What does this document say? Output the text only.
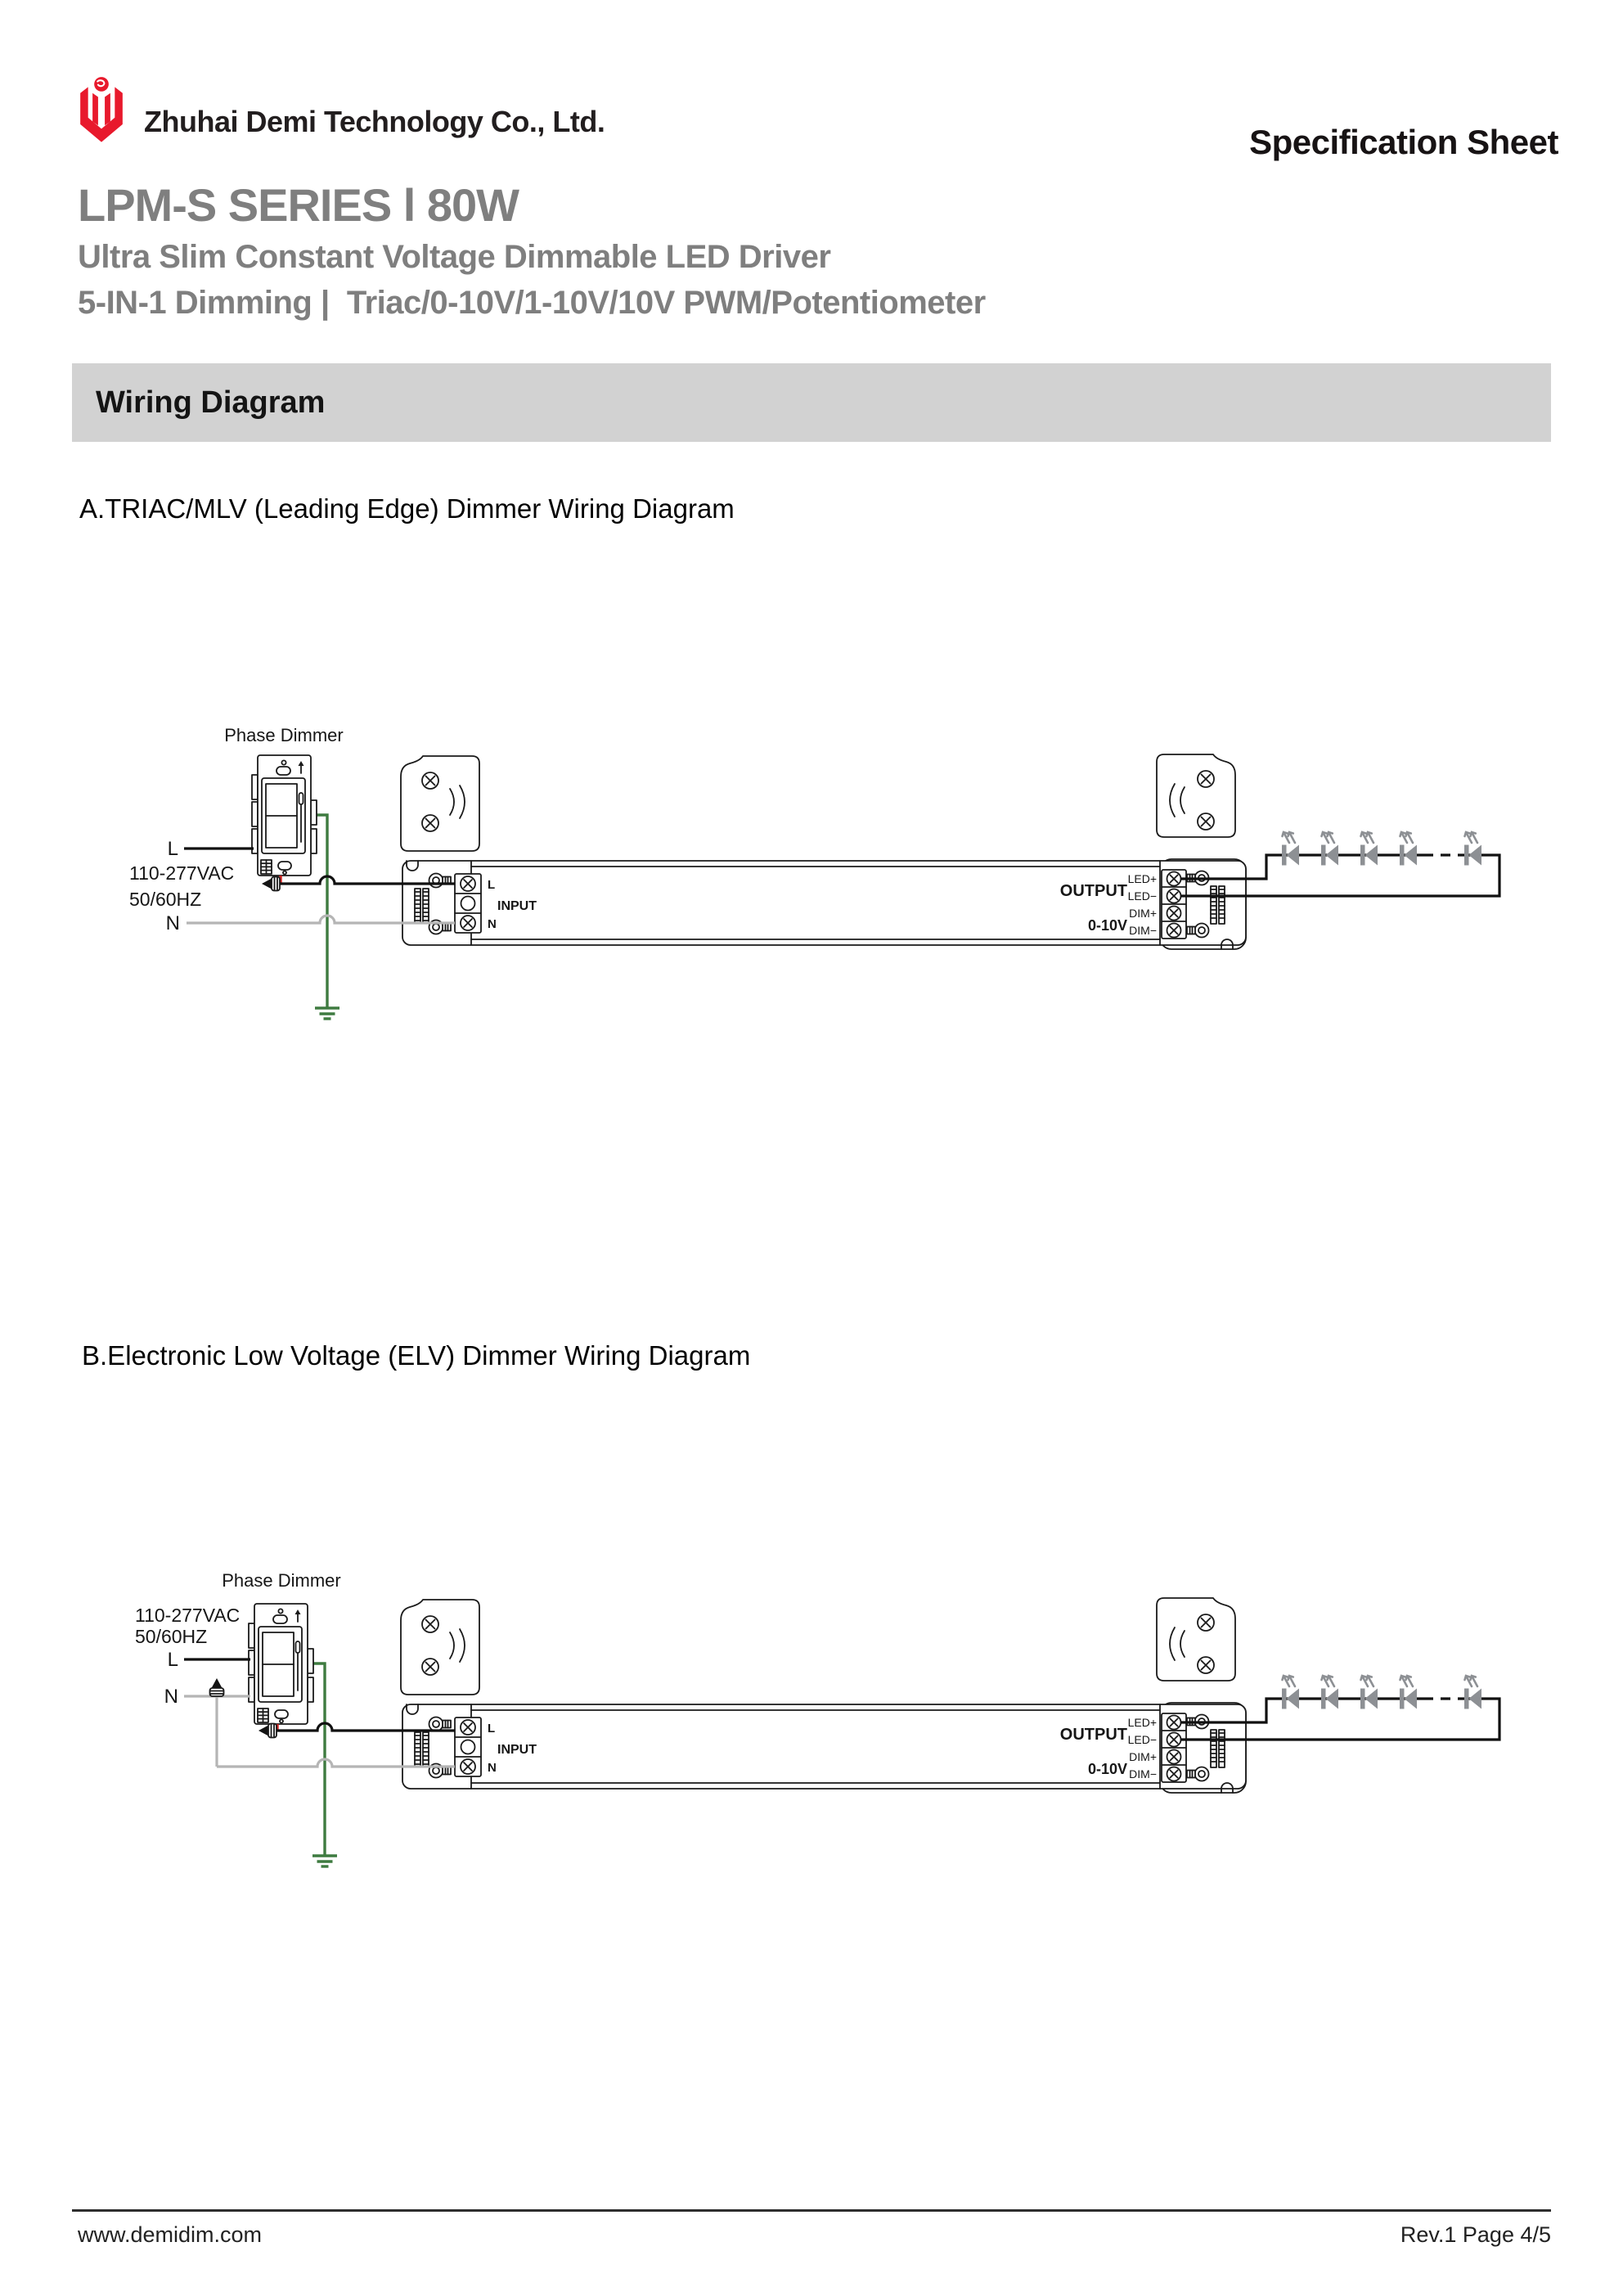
Zhuhai Demi Technology Co., Ltd.
Specification Sheet
LPM-S SERIES l 80W
Ultra Slim Constant Voltage Dimmable LED Driver
5-IN-1 Dimming |  Triac/0-10V/1-10V/10V PWM/Potentiometer
Wiring Diagram
A.TRIAC/MLV (Leading Edge) Dimmer Wiring Diagram
B.Electronic Low Voltage (ELV) Dimmer Wiring Diagram
L
INPUT
N
LED+
LED−
DIM+
DIM−
OUTPUT
0-10V
Phase Dimmer
110-277VAC
50/60HZ
L
N
L
INPUT
N
LED+
LED−
DIM+
DIM−
OUTPUT
0-10V
Phase Dimmer
110-277VAC
50/60HZ
L
N
www.demidim.com	Rev.1 Page 4/5
